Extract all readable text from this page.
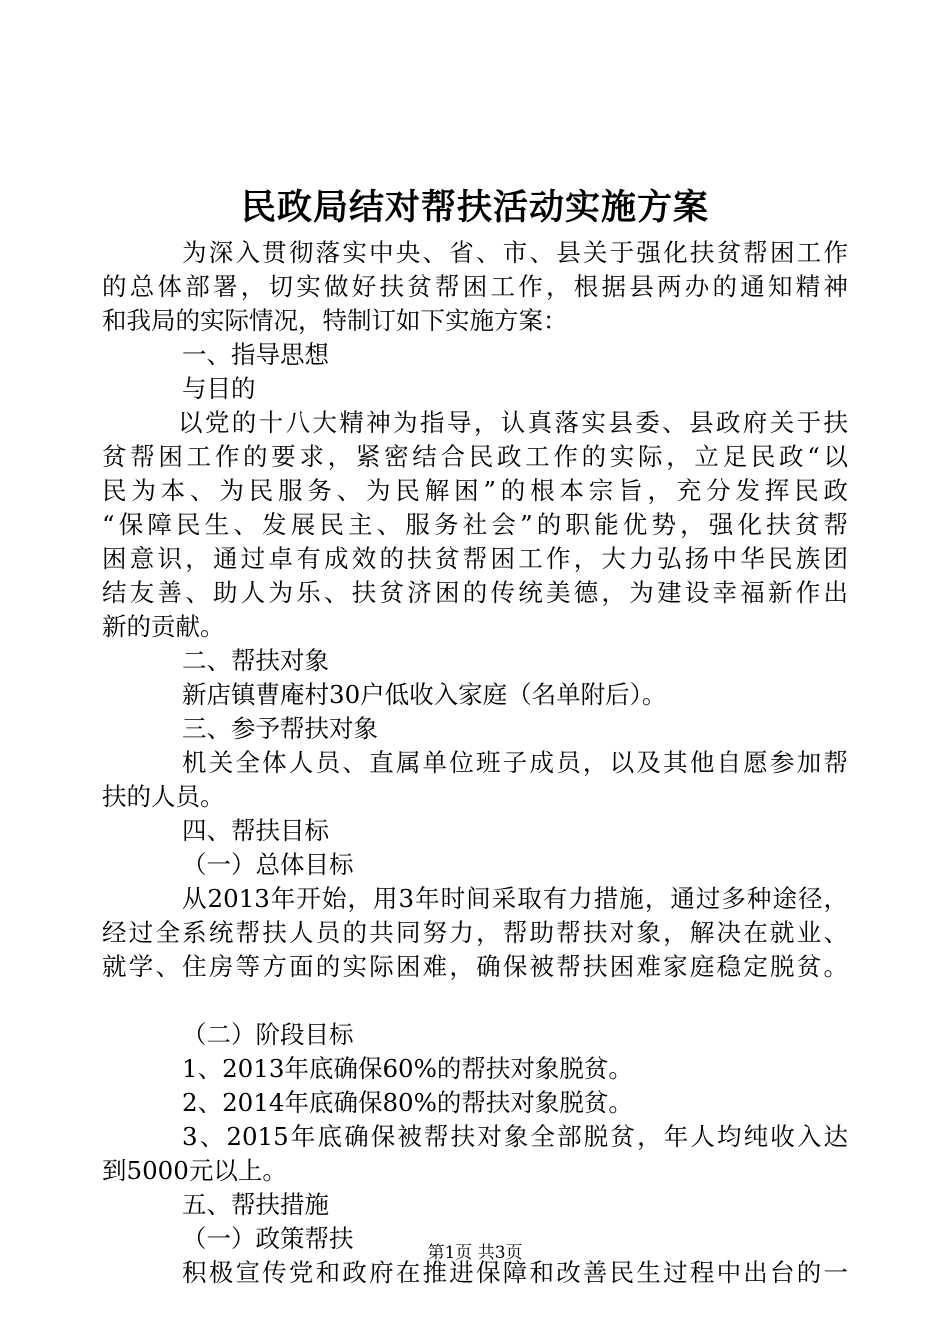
民政局结对帮扶活动实施方案
为深入贯彻落实中央、省、市、县关于强化扶贫帮困工作
的总体部署，切实做好扶贫帮困工作，根据县两办的通知精神
和我局的实际情况，特制订如下实施方案：
一、指导思想
与目的
以党的十八大精神为指导，认真落实县委、县政府关于扶
贫帮困工作的要求，紧密结合民政工作的实际，立足民政“以
民为本、为民服务、为民解困”的根本宗旨，充分发挥民政
“保障民生、发展民主、服务社会”的职能优势，强化扶贫帮
困意识，通过卓有成效的扶贫帮困工作，大力弘扬中华民族团
结友善、助人为乐、扶贫济困的传统美德，为建设幸福新作出
新的贡献。
二、帮扶对象
新店镇曹庵村30户低收入家庭（名单附后）。
三、参予帮扶对象
机关全体人员、直属单位班子成员，以及其他自愿参加帮
扶的人员。
四、帮扶目标
（一）总体目标
从2013年开始，用3年时间采取有力措施，通过多种途径，
经过全系统帮扶人员的共同努力，帮助帮扶对象，解决在就业、
就学、住房等方面的实际困难，确保被帮扶困难家庭稳定脱贫。
（二）阶段目标
1、2013年底确保60%的帮扶对象脱贫。
2、2014年底确保80%的帮扶对象脱贫。
3、2015年底确保被帮扶对象全部脱贫，年人均纯收入达
到5000元以上。
五、帮扶措施
（一）政策帮扶
积极宣传党和政府在推进保障和改善民生过程中出台的一
第1页 共3页
